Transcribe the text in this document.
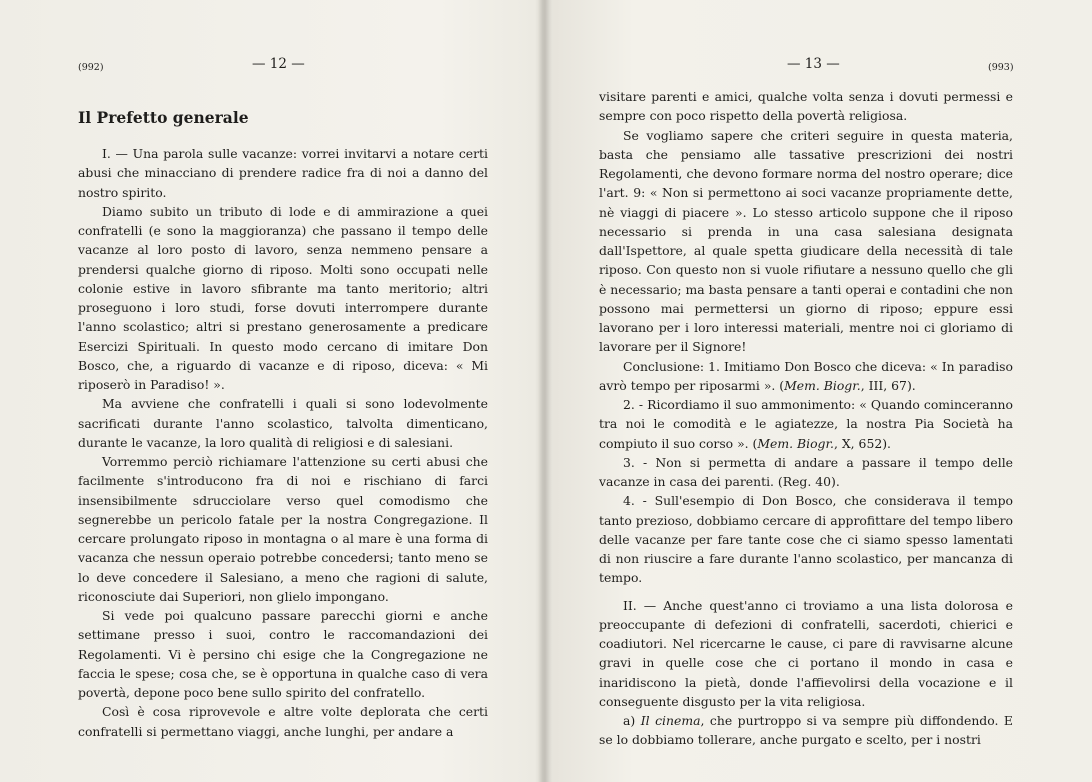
(992)	— 12 —
Il Prefetto generale

I. — Una parola sulle vacanze: vorrei invitarvi a notare certi abusi che minacciano di prendere radice fra di noi a danno del nostro spirito.

Diamo subito un tributo di lode e di ammirazione a quei confratelli (e sono la maggioranza) che passano il tempo delle vacanze al loro posto di lavoro, senza nemmeno pensare a prendersi qualche giorno di riposo. Molti sono occupati nelle colonie estive in lavoro sfibrante ma tanto meritorio; altri proseguono i loro studi, forse dovuti interrompere durante l'anno scolastico; altri si prestano generosamente a predicare Esercizi Spirituali. In questo modo cercano di imitare Don Bosco, che, a riguardo di vacanze e di riposo, diceva: « Mi riposerò in Paradiso! ».

Ma avviene che confratelli i quali si sono lodevolmente sacrificati durante l'anno scolastico, talvolta dimenticano, durante le vacanze, la loro qualità di religiosi e di salesiani.

Vorremmo perciò richiamare l'attenzione su certi abusi che facilmente s'introducono fra di noi e rischiano di farci insensibilmente sdrucciolare verso quel comodismo che segnerebbe un pericolo fatale per la nostra Congregazione. Il cercare prolungato riposo in montagna o al mare è una forma di vacanza che nessun operaio potrebbe concedersi; tanto meno se lo deve concedere il Salesiano, a meno che ragioni di salute, riconosciute dai Superiori, non glielo impongano.

Si vede poi qualcuno passare parecchi giorni e anche settimane presso i suoi, contro le raccomandazioni dei Regolamenti. Vi è persino chi esige che la Congregazione ne faccia le spese; cosa che, se è opportuna in qualche caso di vera povertà, depone poco bene sullo spirito del confratello.

Così è cosa riprovevole e altre volte deplorata che certi confratelli si permettano viaggi, anche lunghi, per andare a

— 13 —	(993)

visitare parenti e amici, qualche volta senza i dovuti permessi e sempre con poco rispetto della povertà religiosa.

Se vogliamo sapere che criteri seguire in questa materia, basta che pensiamo alle tassative prescrizioni dei nostri Regolamenti, che devono formare norma del nostro operare; dice l'art. 9: « Non si permettono ai soci vacanze propriamente dette, nè viaggi di piacere ». Lo stesso articolo suppone che il riposo necessario si prenda in una casa salesiana designata dall'Ispettore, al quale spetta giudicare della necessità di tale riposo. Con questo non si vuole rifiutare a nessuno quello che gli è necessario; ma basta pensare a tanti operai e contadini che non possono mai permettersi un giorno di riposo; eppure essi lavorano per i loro interessi materiali, mentre noi ci gloriamo di lavorare per il Signore!

Conclusione: 1. Imitiamo Don Bosco che diceva: « In paradiso avrò tempo per riposarmi ». (Mem. Biogr., III, 67).

2. - Ricordiamo il suo ammonimento: « Quando cominceranno tra noi le comodità e le agiatezze, la nostra Pia Società ha compiuto il suo corso ». (Mem. Biogr., X, 652).

3. - Non si permetta di andare a passare il tempo delle vacanze in casa dei parenti. (Reg. 40).

4. - Sull'esempio di Don Bosco, che considerava il tempo tanto prezioso, dobbiamo cercare di approfittare del tempo libero delle vacanze per fare tante cose che ci siamo spesso lamentati di non riuscire a fare durante l'anno scolastico, per mancanza di tempo.

II. — Anche quest'anno ci troviamo a una lista dolorosa e preoccupante di defezioni di confratelli, sacerdoti, chierici e coadiutori. Nel ricercarne le cause, ci pare di ravvisarne alcune gravi in quelle cose che ci portano il mondo in casa e inaridiscono la pietà, donde l'affievolirsi della vocazione e il conseguente disgusto per la vita religiosa.

a) Il cinema, che purtroppo si va sempre più diffondendo. E se lo dobbiamo tollerare, anche purgato e scelto, per i nostri
